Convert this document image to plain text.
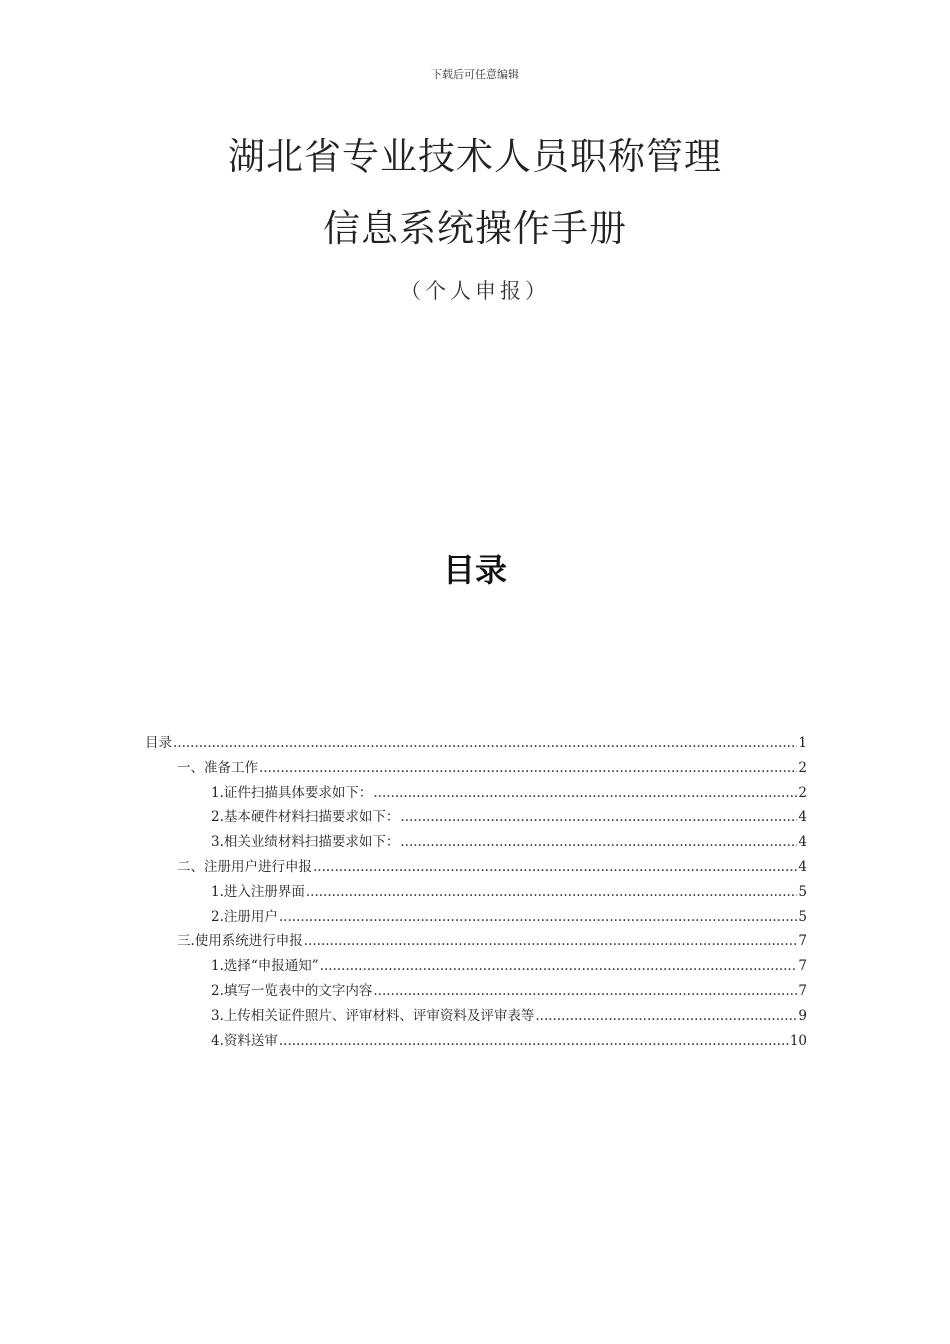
下载后可任意编辑
湖北省专业技术人员职称管理
信息系统操作手册
（个人申报）
目录
目录 .....	1
一、准备工作 .....	2
1.证件扫描具体要求如下： .....	2
2.基本硬件材料扫描要求如下： .....	4
3.相关业绩材料扫描要求如下： .....	4
二、注册用户进行申报 .....	4
1.进入注册界面 .....	5
2.注册用户 .....	5
三.使用系统进行申报 .....	7
1.选择“申报通知” .....	7
2.填写一览表中的文字内容 .....	7
3.上传相关证件照片、评审材料、评审资料及评审表等 .....	9
4.资料送审 .....	10
